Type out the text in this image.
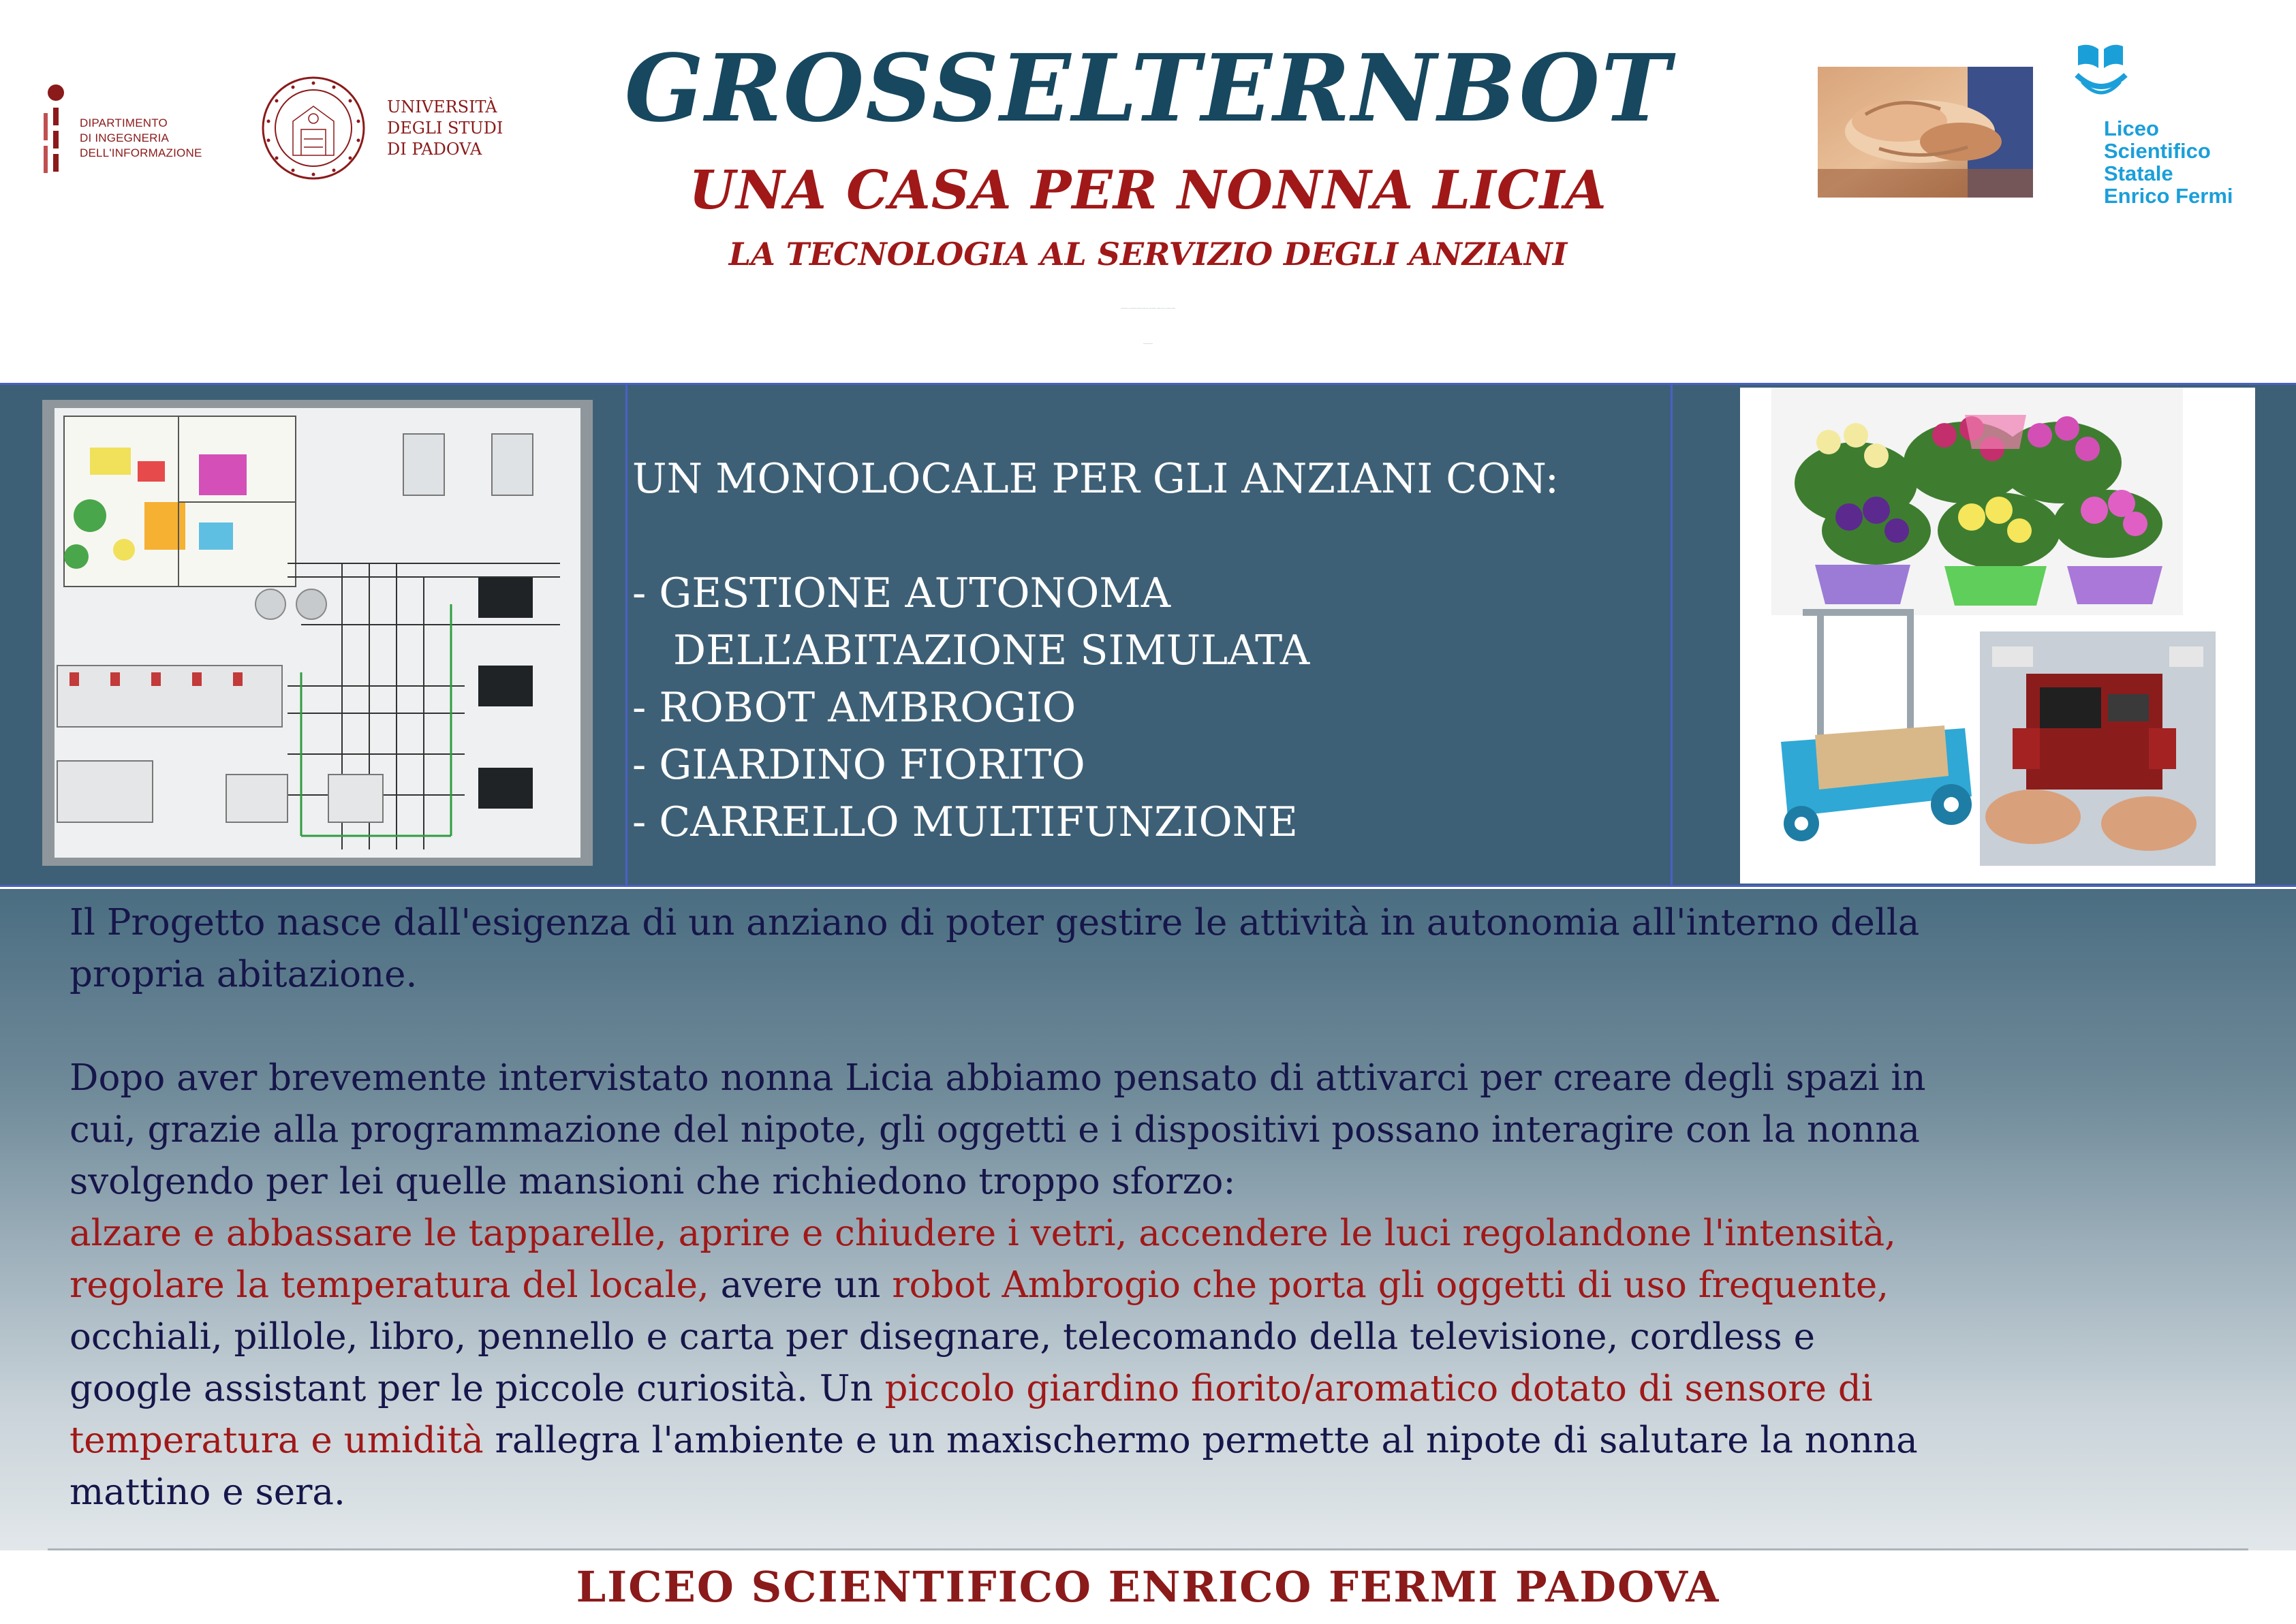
DIPARTIMENTO
DI INGEGNERIA
DELL'INFORMAZIONE
UNIVERSITÀ
DEGLI STUDI
DI PADOVA
GROSSELTERNBOT
UNA CASA PER NONNA LICIA
LA TECNOLOGIA AL SERVIZIO DEGLI ANZIANI
ANDREI ARDELEAN - WAFAE BOUSALHI - BARTOLOMEO MORELLATO - MARCO PARADINA - FEDERICA SPINELLI - RICCARDO VENDRAMIN
TOMMASO BENCIOLINI
Liceo
Scientifico
Statale
Enrico Fermi
UN MONOLOCALE PER GLI ANZIANI CON:
- GESTIONE AUTONOMA
DELL’ABITAZIONE SIMULATA
- ROBOT AMBROGIO
- GIARDINO FIORITO
- CARRELLO MULTIFUNZIONE
Il Progetto nasce dall'esigenza di un anziano di poter gestire le attività in autonomia all'interno della
propria abitazione.
Dopo aver brevemente intervistato nonna Licia abbiamo pensato di attivarci per creare degli spazi in
cui, grazie alla programmazione del nipote, gli oggetti e i dispositivi possano interagire con la nonna
svolgendo per lei quelle mansioni che richiedono troppo sforzo:
alzare e abbassare le tapparelle, aprire e chiudere i vetri, accendere le luci regolandone l'intensità,
regolare la temperatura del locale, avere un robot Ambrogio che porta gli oggetti di uso frequente,
occhiali, pillole, libro, pennello e carta per disegnare, telecomando della televisione, cordless e
google assistant per le piccole curiosità. Un piccolo giardino fiorito/aromatico dotato di sensore di
temperatura e umidità rallegra l'ambiente e un maxischermo permette al nipote di salutare la nonna
mattino e sera.
LICEO SCIENTIFICO ENRICO FERMI PADOVA
